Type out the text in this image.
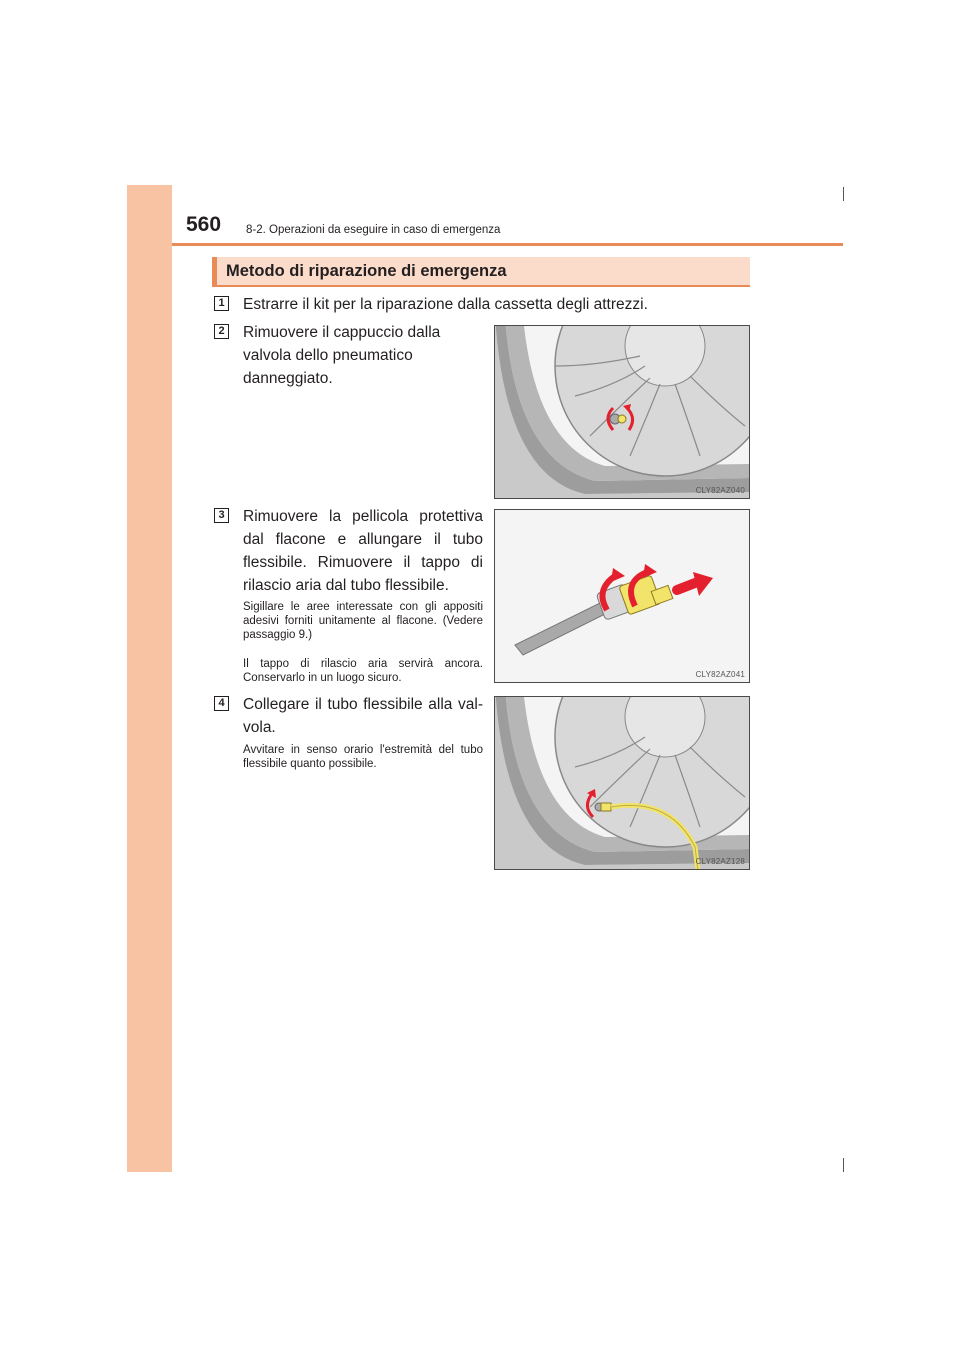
560 8-2. Operazioni da eseguire in caso di emergenza
Metodo di riparazione di emergenza
1 Estrarre il kit per la riparazione dalla cassetta degli attrezzi.
2 Rimuovere il cappuccio dalla valvola dello pneumatico danneggiato.
CLY82AZ040
3 Rimuovere la pellicola protettiva dal flacone e allungare il tubo flessibile. Rimuovere il tappo di rilascio aria dal tubo flessibile.
Sigillare le aree interessate con gli appositi adesivi forniti unitamente al flacone. (Vedere passaggio 9.)
Il tappo di rilascio aria servirà ancora. Conservarlo in un luogo sicuro.	CLY82AZ041
4 Collegare il tubo flessibile alla val- vola.
Avvitare in senso orario l'estremità del tubo flessibile quanto possibile.
CLY82AZ128
